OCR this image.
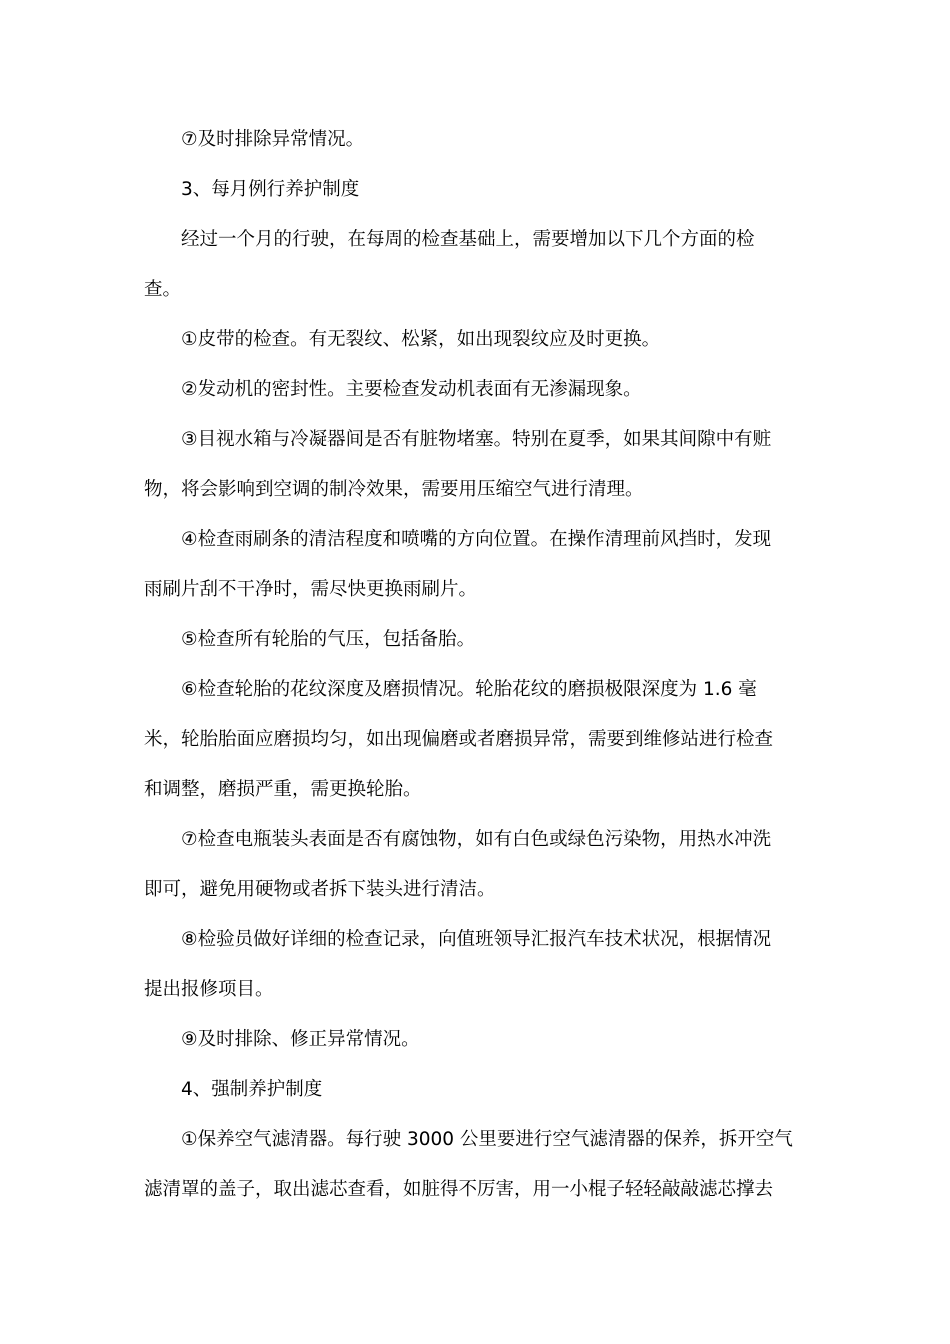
⑦及时排除异常情况。
3、每月例行养护制度
经过一个月的行驶，在每周的检查基础上，需要增加以下几个方面的检
查。
①皮带的检查。有无裂纹、松紧，如出现裂纹应及时更换。
②发动机的密封性。主要检查发动机表面有无渗漏现象。
③目视水箱与冷凝器间是否有脏物堵塞。特别在夏季，如果其间隙中有赃
物，将会影响到空调的制冷效果，需要用压缩空气进行清理。
④检查雨刷条的清洁程度和喷嘴的方向位置。在操作清理前风挡时，发现
雨刷片刮不干净时，需尽快更换雨刷片。
⑤检查所有轮胎的气压，包括备胎。
⑥检查轮胎的花纹深度及磨损情况。轮胎花纹的磨损极限深度为 1.6 毫
米，轮胎胎面应磨损均匀，如出现偏磨或者磨损异常，需要到维修站进行检查
和调整，磨损严重，需更换轮胎。
⑦检查电瓶装头表面是否有腐蚀物，如有白色或绿色污染物，用热水冲洗
即可，避免用硬物或者拆下装头进行清洁。
⑧检验员做好详细的检查记录，向值班领导汇报汽车技术状况，根据情况
提出报修项目。
⑨及时排除、修正异常情况。
4、强制养护制度
①保养空气滤清器。每行驶 3000 公里要进行空气滤清器的保养，拆开空气
滤清罩的盖子，取出滤芯查看，如脏得不厉害，用一小棍子轻轻敲敲滤芯撑去
